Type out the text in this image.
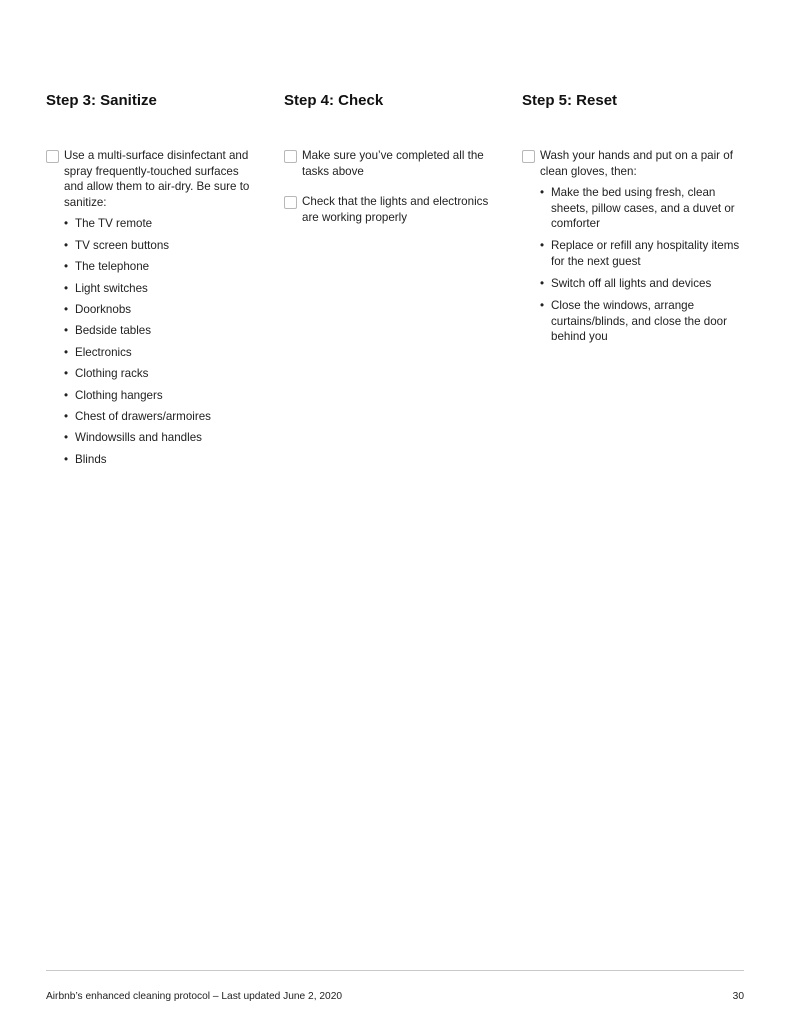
Step 3: Sanitize
Use a multi-surface disinfectant and spray frequently-touched surfaces and allow them to air-dry. Be sure to sanitize:
• The TV remote
• TV screen buttons
• The telephone
• Light switches
• Doorknobs
• Bedside tables
• Electronics
• Clothing racks
• Clothing hangers
• Chest of drawers/armoires
• Windowsills and handles
• Blinds
Step 4: Check
Make sure you’ve completed all the tasks above
Check that the lights and electronics are working properly
Step 5: Reset
Wash your hands and put on a pair of clean gloves, then:
• Make the bed using fresh, clean sheets, pillow cases, and a duvet or comforter
• Replace or refill any hospitality items for the next guest
• Switch off all lights and devices
• Close the windows, arrange curtains/blinds, and close the door behind you
Airbnb’s enhanced cleaning protocol – Last updated June 2, 2020	30
